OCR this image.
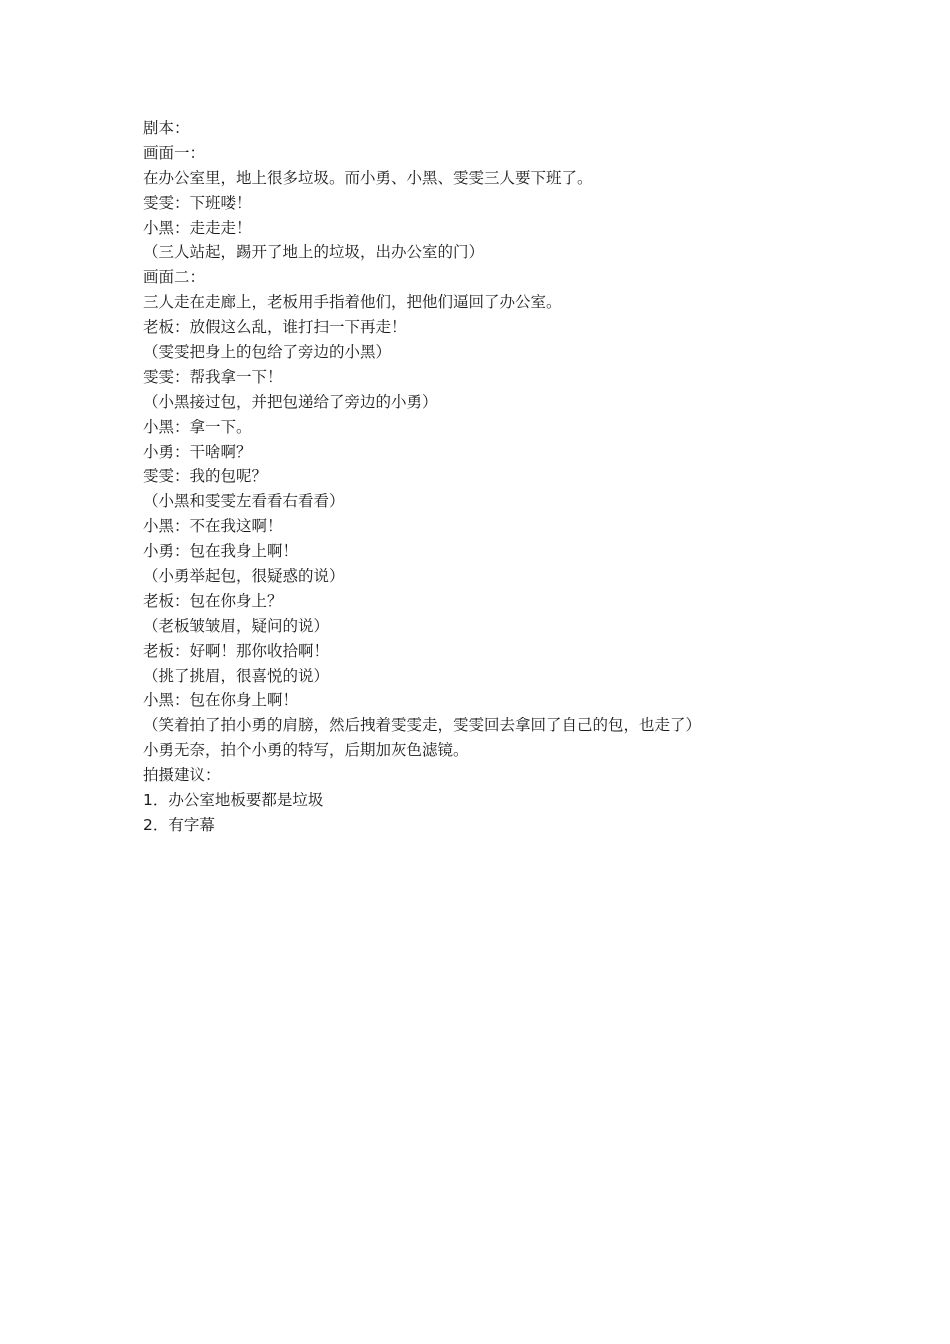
剧本：
画面一：
在办公室里，地上很多垃圾。而小勇、小黑、雯雯三人要下班了。
雯雯：下班喽！
小黑：走走走！
（三人站起，踢开了地上的垃圾，出办公室的门）
画面二：
三人走在走廊上，老板用手指着他们，把他们逼回了办公室。
老板：放假这么乱，谁打扫一下再走！
（雯雯把身上的包给了旁边的小黑）
雯雯：帮我拿一下！
（小黑接过包，并把包递给了旁边的小勇）
小黑：拿一下。
小勇：干啥啊？
雯雯：我的包呢？
（小黑和雯雯左看看右看看）
小黑：不在我这啊！
小勇：包在我身上啊！
（小勇举起包，很疑惑的说）
老板：包在你身上？
（老板皱皱眉，疑问的说）
老板：好啊！那你收拾啊！
（挑了挑眉，很喜悦的说）
小黑：包在你身上啊！
（笑着拍了拍小勇的肩膀，然后拽着雯雯走，雯雯回去拿回了自己的包，也走了）
小勇无奈，拍个小勇的特写，后期加灰色滤镜。
拍摄建议：
1．办公室地板要都是垃圾
2．有字幕
